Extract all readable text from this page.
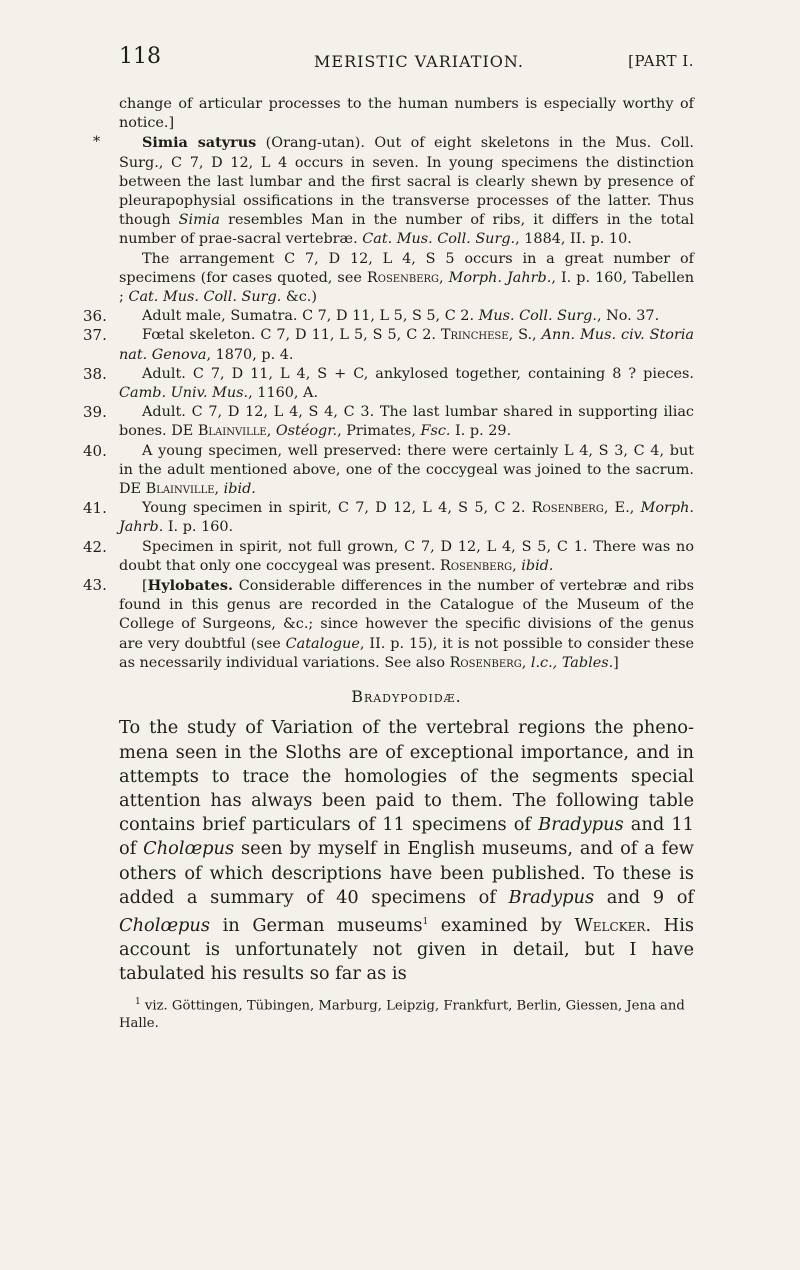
118	MERISTIC VARIATION.	[PART I.

change of articular processes to the human numbers is especially worthy of notice.]

*	Simia satyrus (Orang-utan). Out of eight skeletons in the Mus. Coll. Surg., C 7, D 12, L 4 occurs in seven. In young specimens the distinction between the last lumbar and the first sacral is clearly shewn by presence of pleurapophysial ossifications in the transverse processes of the latter. Thus though Simia resembles Man in the number of ribs, it differs in the total number of prae-sacral vertebræ. Cat. Mus. Coll. Surg., 1884, II. p. 10.

The arrangement C 7, D 12, L 4, S 5 occurs in a great number of specimens (for cases quoted, see Rosenberg, Morph. Jahrb., I. p. 160, Tabellen ; Cat. Mus. Coll. Surg. &c.)

36. Adult male, Sumatra. C 7, D 11, L 5, S 5, C 2. Mus. Coll. Surg., No. 37.

37. Fœtal skeleton. C 7, D 11, L 5, S 5, C 2. Trinchese, S., Ann. Mus. civ. Storia nat. Genova, 1870, p. 4.

38. Adult. C 7, D 11, L 4, S + C, ankylosed together, containing 8 ? pieces. Camb. Univ. Mus., 1160, A.

39. Adult. C 7, D 12, L 4, S 4, C 3. The last lumbar shared in supporting iliac bones. DE Blainville, Ostéogr., Primates, Fsc. I. p. 29.

40. A young specimen, well preserved: there were certainly L 4, S 3, C 4, but in the adult mentioned above, one of the coccygeal was joined to the sacrum. DE Blainville, ibid.

41. Young specimen in spirit, C 7, D 12, L 4, S 5, C 2. Rosenberg, E., Morph. Jahrb. I. p. 160.

42. Specimen in spirit, not full grown, C 7, D 12, L 4, S 5, C 1. There was no doubt that only one coccygeal was present. Rosenberg, ibid.

43. [Hylobates. Considerable differences in the number of vertebræ and ribs found in this genus are recorded in the Catalogue of the Museum of the College of Surgeons, &c.; since however the specific divisions of the genus are very doubtful (see Catalogue, II. p. 15), it is not possible to consider these as necessarily individual variations. See also Rosenberg, l.c., Tables.]

Bradypodidæ.

To the study of Variation of the vertebral regions the pheno-mena seen in the Sloths are of exceptional importance, and in attempts to trace the homologies of the segments special attention has always been paid to them. The following table contains brief particulars of 11 specimens of Bradypus and 11 of Cholœpus seen by myself in English museums, and of a few others of which descriptions have been published. To these is added a summary of 40 specimens of Bradypus and 9 of Cholœpus in German museums$^1$ examined by Welcker. His account is unfortunately not given in detail, but I have tabulated his results so far as is

$^1$ viz. Göttingen, Tübingen, Marburg, Leipzig, Frankfurt, Berlin, Giessen, Jena and Halle.
